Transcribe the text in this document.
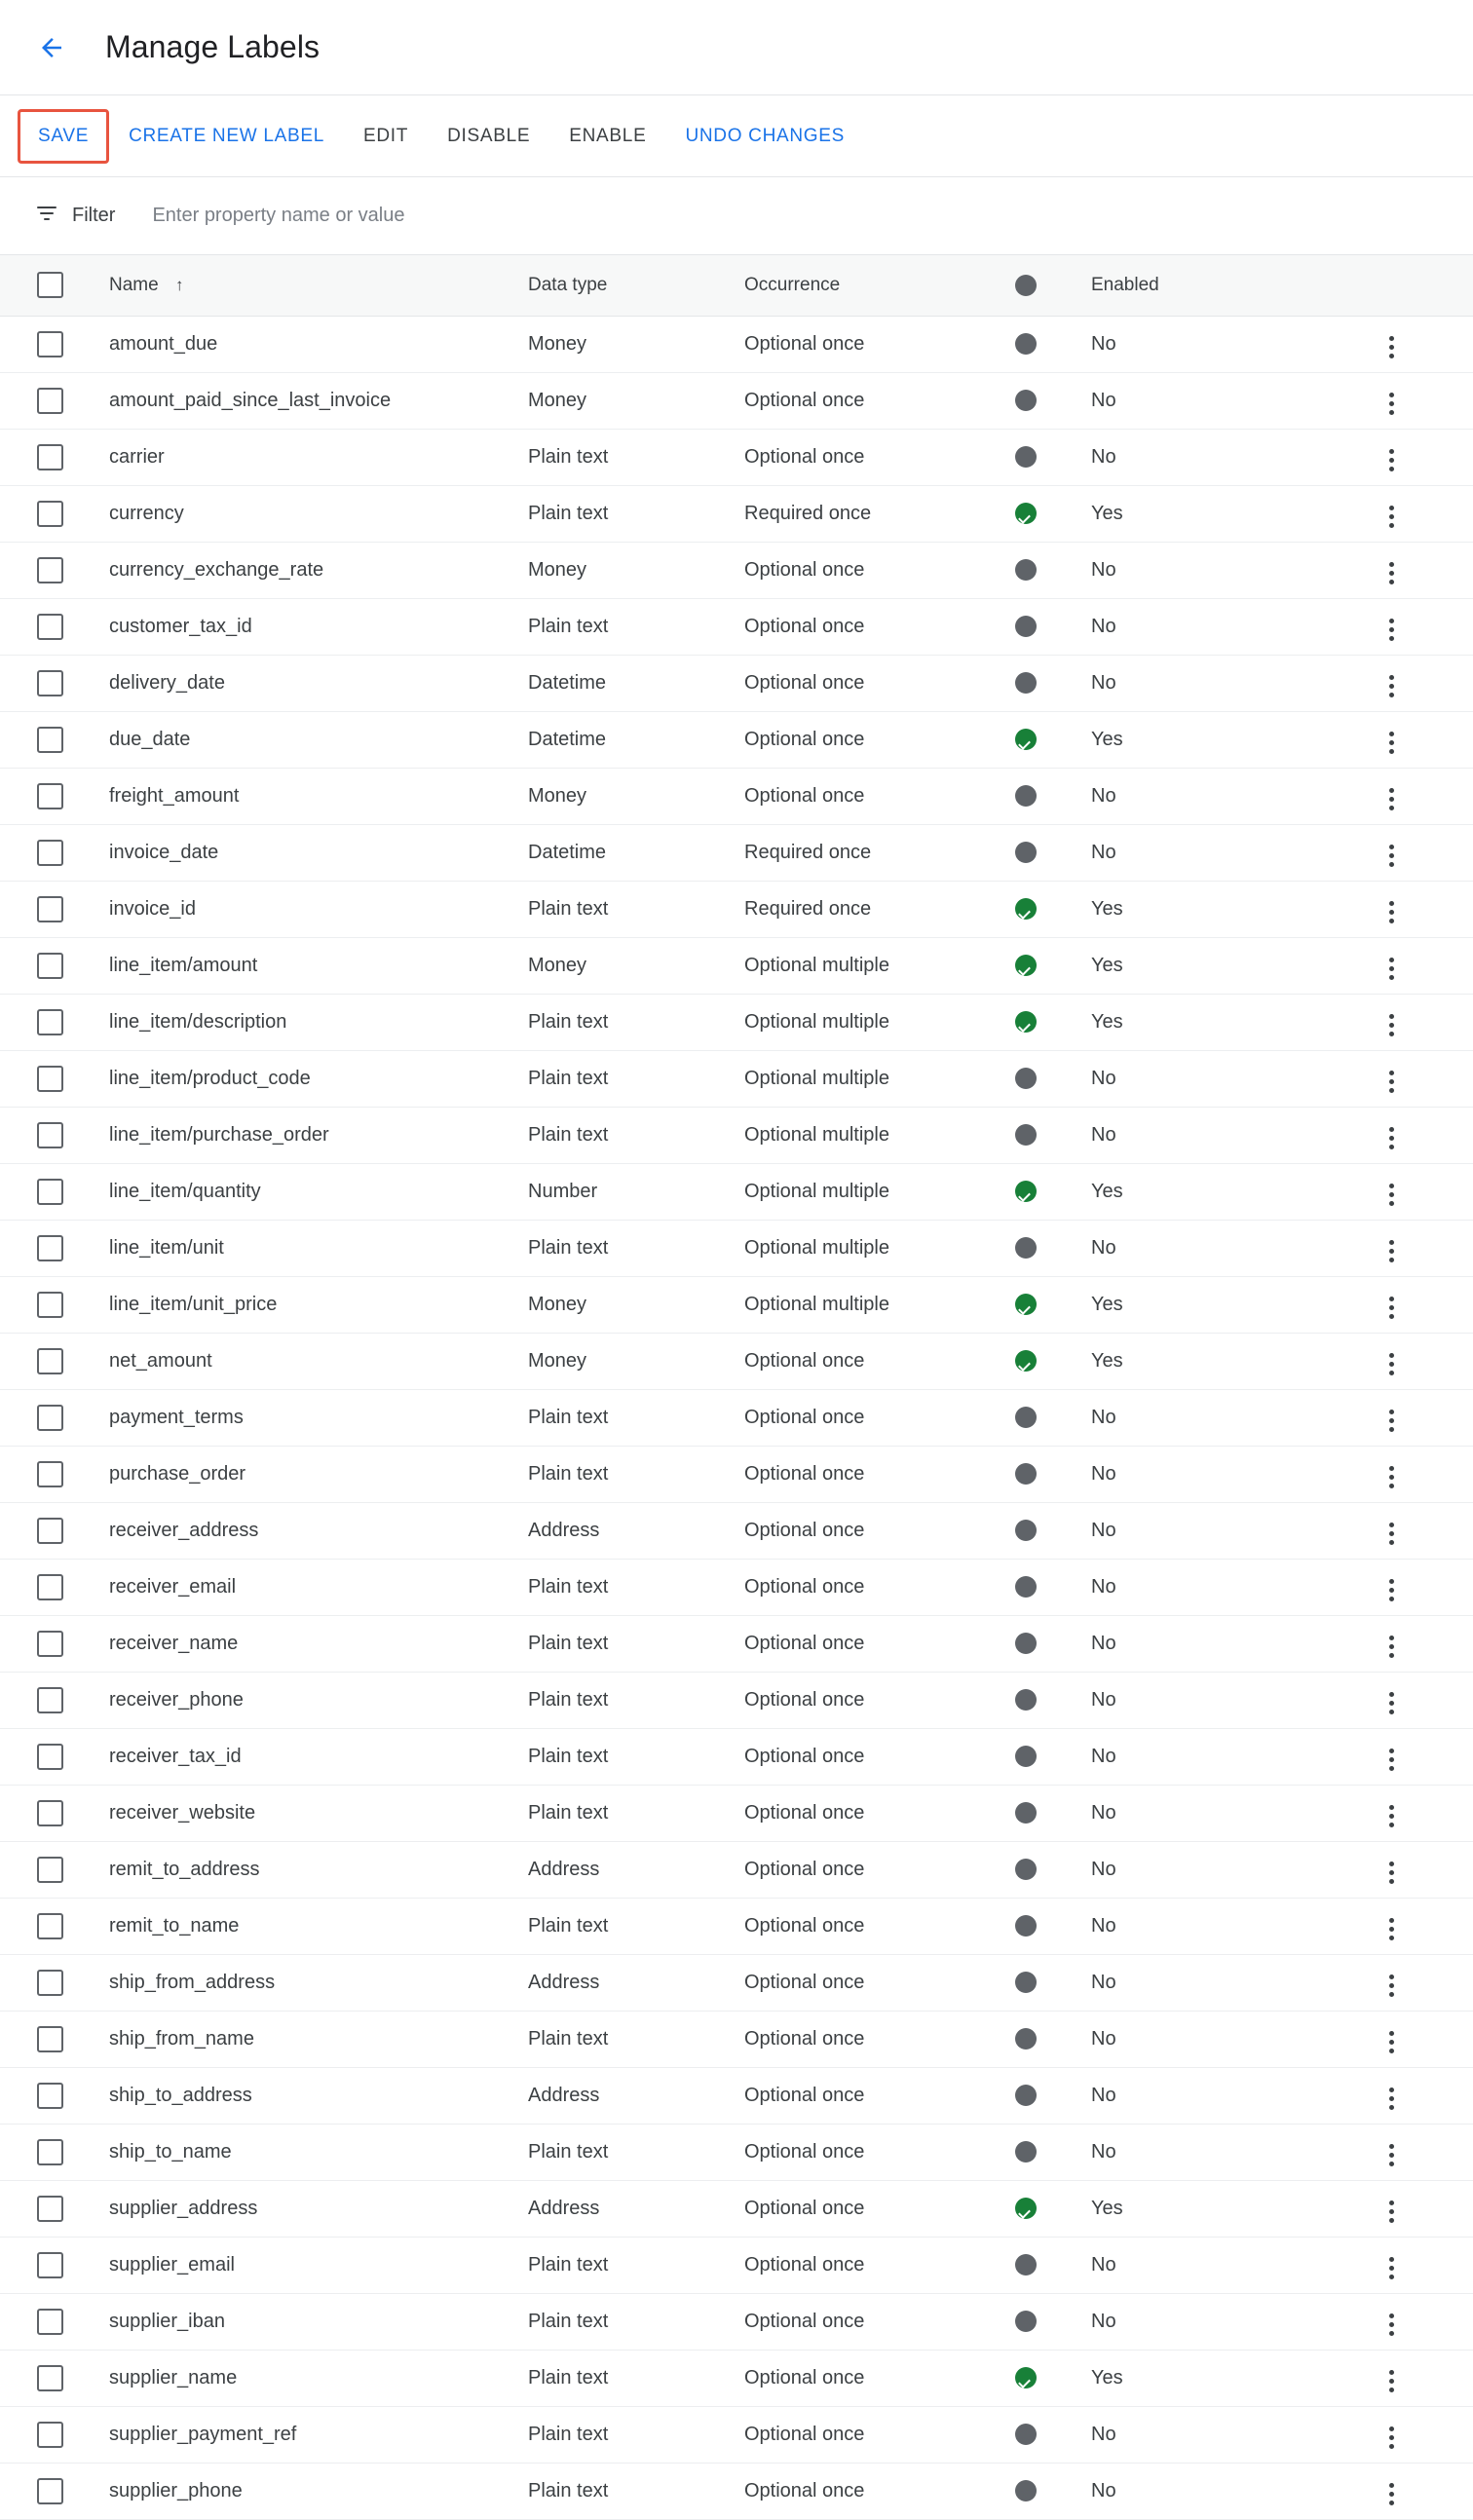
Manage Labels
SAVE	CREATE NEW LABEL	EDIT	DISABLE	ENABLE	UNDO CHANGES
Filter
Enter property name or value
	Name ↑	Data type	Occurrence		Enabled	

	amount_due	Money	Optional once		No	

	amount_paid_since_last_invoice	Money	Optional once		No	

	carrier	Plain text	Optional once		No	

	currency	Plain text	Required once		Yes	

	currency_exchange_rate	Money	Optional once		No	

	customer_tax_id	Plain text	Optional once		No	

	delivery_date	Datetime	Optional once		No	

	due_date	Datetime	Optional once		Yes	

	freight_amount	Money	Optional once		No	

	invoice_date	Datetime	Required once		No	

	invoice_id	Plain text	Required once		Yes	

	line_item/amount	Money	Optional multiple		Yes	

	line_item/description	Plain text	Optional multiple		Yes	

	line_item/product_code	Plain text	Optional multiple		No	

	line_item/purchase_order	Plain text	Optional multiple		No	

	line_item/quantity	Number	Optional multiple		Yes	

	line_item/unit	Plain text	Optional multiple		No	

	line_item/unit_price	Money	Optional multiple		Yes	

	net_amount	Money	Optional once		Yes	

	payment_terms	Plain text	Optional once		No	

	purchase_order	Plain text	Optional once		No	

	receiver_address	Address	Optional once		No	

	receiver_email	Plain text	Optional once		No	

	receiver_name	Plain text	Optional once		No	

	receiver_phone	Plain text	Optional once		No	

	receiver_tax_id	Plain text	Optional once		No	

	receiver_website	Plain text	Optional once		No	

	remit_to_address	Address	Optional once		No	

	remit_to_name	Plain text	Optional once		No	

	ship_from_address	Address	Optional once		No	

	ship_from_name	Plain text	Optional once		No	

	ship_to_address	Address	Optional once		No	

	ship_to_name	Plain text	Optional once		No	

	supplier_address	Address	Optional once		Yes	

	supplier_email	Plain text	Optional once		No	

	supplier_iban	Plain text	Optional once		No	

	supplier_name	Plain text	Optional once		Yes	

	supplier_payment_ref	Plain text	Optional once		No	

	supplier_phone	Plain text	Optional once		No	
